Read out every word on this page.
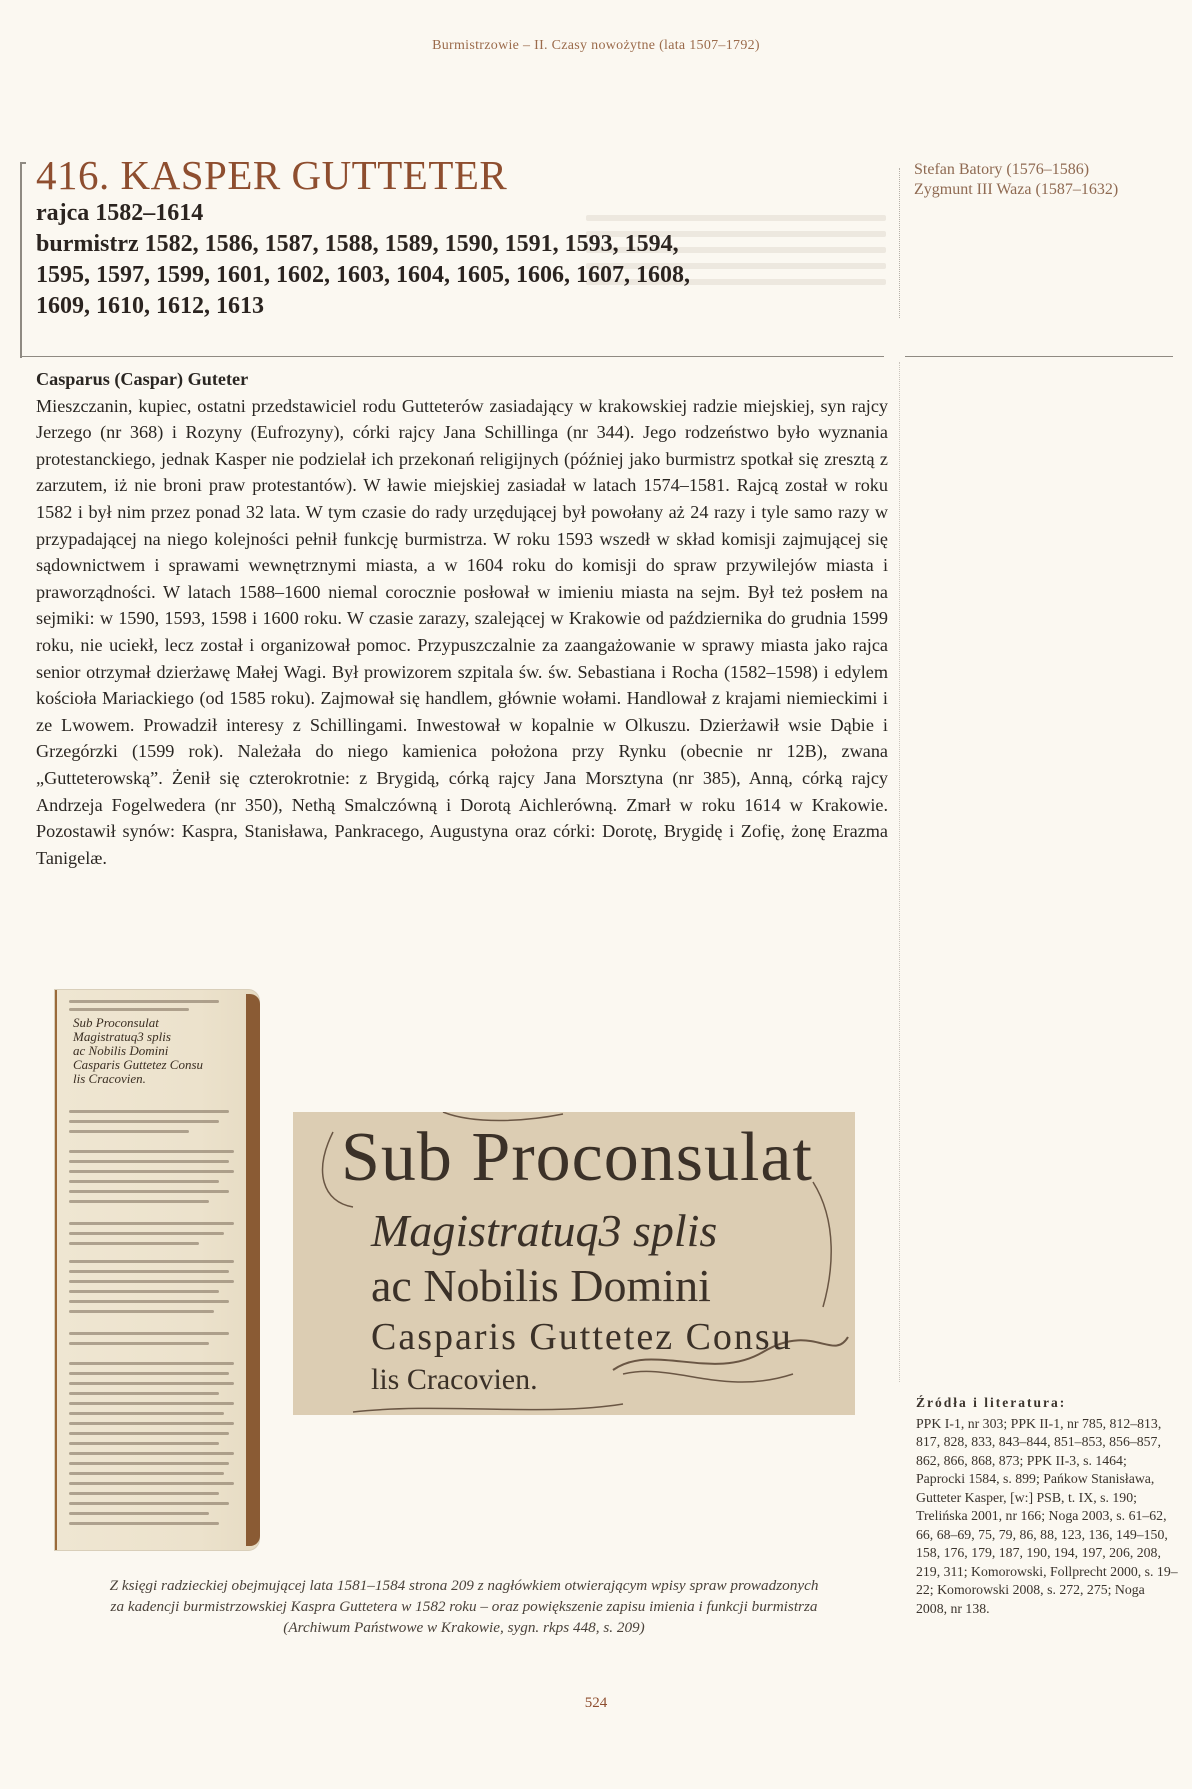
Burmistrzowie – II. Czasy nowożytne (lata 1507–1792)
416. KASPER GUTTETER

rajca 1582–1614

burmistrz 1582, 1586, 1587, 1588, 1589, 1590, 1591, 1593, 1594,

1595, 1597, 1599, 1601, 1602, 1603, 1604, 1605, 1606, 1607, 1608,

1609, 1610, 1612, 1613

Stefan Batory (1576–1586)
Zygmunt III Waza (1587–1632)

Casparus (Caspar) Guteter

Mieszczanin, kupiec, ostatni przedstawiciel rodu Gutteterów zasiadający w krakowskiej radzie miejskiej, syn rajcy Jerzego (nr 368) i Rozyny (Eufrozyny), córki rajcy Jana Schillinga (nr 344). Jego rodzeństwo było wyznania protestanckiego, jednak Kasper nie podzielał ich przekonań religijnych (później jako burmistrz spotkał się zresztą z zarzutem, iż nie broni praw protestantów). W ławie miejskiej zasiadał w latach 1574–1581. Rajcą został w roku 1582 i był nim przez ponad 32 lata. W tym czasie do rady urzędującej był powołany aż 24 razy i tyle samo razy w przypadającej na niego kolejności pełnił funkcję burmistrza. W roku 1593 wszedł w skład komisji zajmującej się sądownictwem i sprawami wewnętrznymi miasta, a w 1604 roku do komisji do spraw przywilejów miasta i praworządności. W latach 1588–1600 niemal corocznie posłował w imieniu miasta na sejm. Był też posłem na sejmiki: w 1590, 1593, 1598 i 1600 roku. W czasie zarazy, szalejącej w Krakowie od października do grudnia 1599 roku, nie uciekł, lecz został i organizował pomoc. Przypuszczalnie za zaangażowanie w sprawy miasta jako rajca senior otrzymał dzierżawę Małej Wagi. Był prowizorem szpitala św. św. Sebastiana i Rocha (1582–1598) i edylem kościoła Mariackiego (od 1585 roku). Zajmował się handlem, głównie wołami. Handlował z krajami niemieckimi i ze Lwowem. Prowadził interesy z Schillingami. Inwestował w kopalnie w Olkuszu. Dzierżawił wsie Dąbie i Grzegórzki (1599 rok). Należała do niego kamienica położona przy Rynku (obecnie nr 12B), zwana „Gutteterowską”. Żenił się czterokrotnie: z Brygidą, córką rajcy Jana Morsztyna (nr 385), Anną, córką rajcy Andrzeja Fogelwedera (nr 350), Nethą Smalczówną i Dorotą Aichlerówną. Zmarł w roku 1614 w Krakowie. Pozostawił synów: Kaspra, Stanisława, Pankracego, Augustyna oraz córki: Dorotę, Brygidę i Zofię, żonę Erazma Tanigelæ.

Sub Proconsulat
Magistratuq3 splis
ac Nobilis Domini
Casparis Guttetez Consu
lis Cracovien.
Sub Proconsulat
Magistratuq3 splis
ac Nobilis Domini
Casparis Guttetez Consu
lis Cracovien.
Z księgi radzieckiej obejmującej lata 1581–1584 strona 209 z nagłówkiem otwierającym wpisy spraw prowadzonych
za kadencji burmistrzowskiej Kaspra Guttetera w 1582 roku – oraz powiększenie zapisu imienia i funkcji burmistrza
(Archiwum Państwowe w Krakowie, sygn. rkps 448, s. 209)

Źródła i literatura:

PPK I-1, nr 303; PPK II-1, nr 785, 812–813, 817, 828, 833, 843–844, 851–853, 856–857, 862, 866, 868, 873; PPK II-3, s. 1464; Paprocki 1584, s. 899; Pańkow Stanisława, Gutteter Kasper, [w:] PSB, t. IX, s. 190; Trelińska 2001, nr 166; Noga 2003, s. 61–62, 66, 68–69, 75, 79, 86, 88, 123, 136, 149–150, 158, 176, 179, 187, 190, 194, 197, 206, 208, 219, 311; Komorowski, Follprecht 2000, s. 19–22; Komorowski 2008, s. 272, 275; Noga 2008, nr 138.
524
